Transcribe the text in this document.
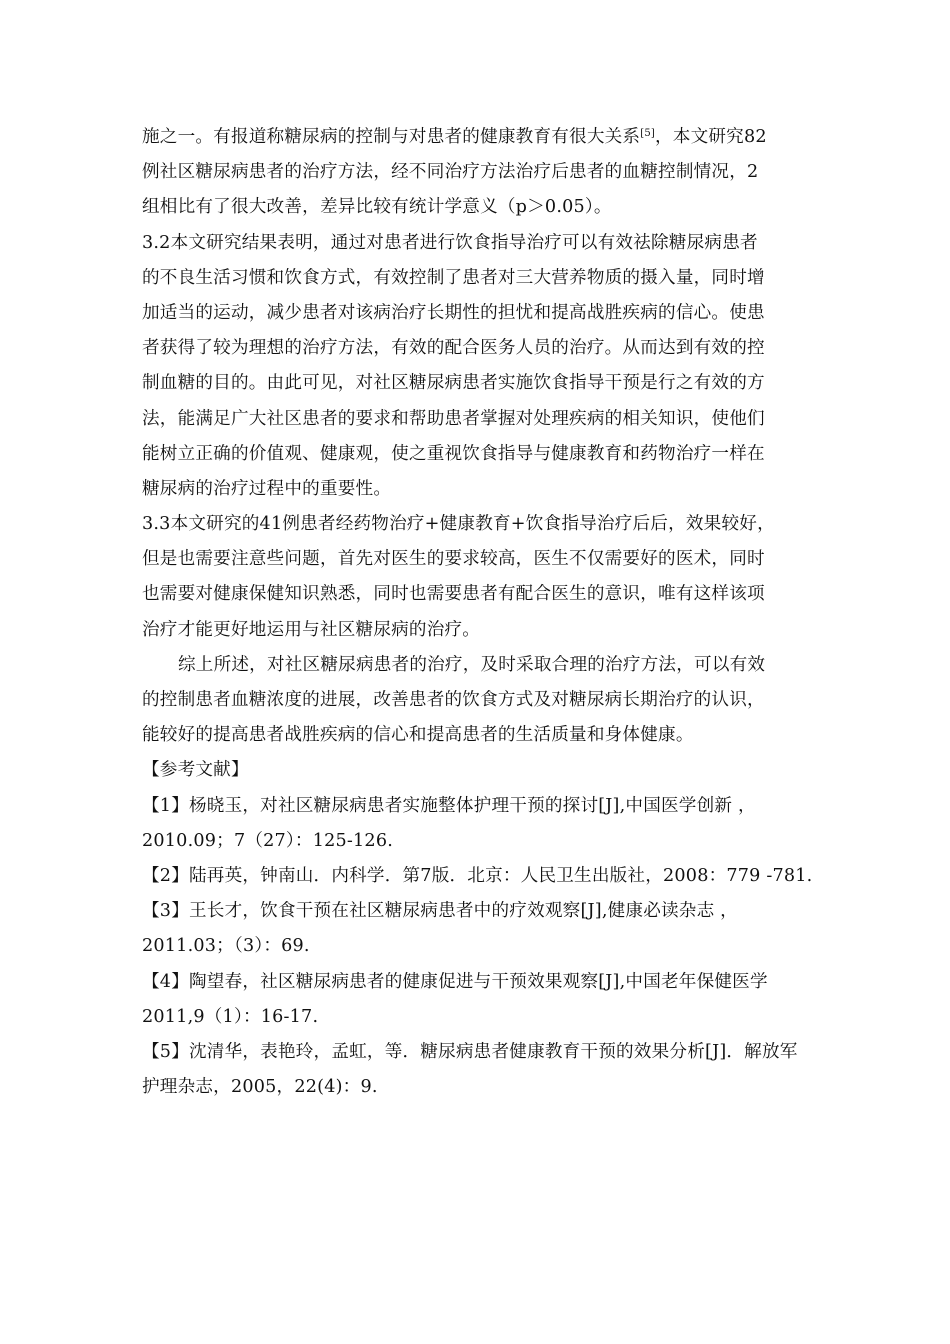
施之一。有报道称糖尿病的控制与对患者的健康教育有很大关系[5]，本文研究82
例社区糖尿病患者的治疗方法，经不同治疗方法治疗后患者的血糖控制情况，2
组相比有了很大改善，差异比较有统计学意义（p＞0.05）。
3.2本文研究结果表明，通过对患者进行饮食指导治疗可以有效祛除糖尿病患者
的不良生活习惯和饮食方式，有效控制了患者对三大营养物质的摄入量，同时增
加适当的运动，减少患者对该病治疗长期性的担忧和提高战胜疾病的信心。使患
者获得了较为理想的治疗方法，有效的配合医务人员的治疗。从而达到有效的控
制血糖的目的。由此可见，对社区糖尿病患者实施饮食指导干预是行之有效的方
法，能满足广大社区患者的要求和帮助患者掌握对处理疾病的相关知识，使他们
能树立正确的价值观、健康观，使之重视饮食指导与健康教育和药物治疗一样在
糖尿病的治疗过程中的重要性。
3.3本文研究的41例患者经药物治疗+健康教育+饮食指导治疗后后，效果较好，
但是也需要注意些问题，首先对医生的要求较高，医生不仅需要好的医术，同时
也需要对健康保健知识熟悉，同时也需要患者有配合医生的意识，唯有这样该项
治疗才能更好地运用与社区糖尿病的治疗。
综上所述，对社区糖尿病患者的治疗，及时采取合理的治疗方法，可以有效
的控制患者血糖浓度的进展，改善患者的饮食方式及对糖尿病长期治疗的认识，
能较好的提高患者战胜疾病的信心和提高患者的生活质量和身体健康。
【参考文献】
【1】杨晓玉，对社区糖尿病患者实施整体护理干预的探讨[J],中国医学创新 ，
2010.09；7（27）：125-126.
【2】陆再英，钟南山．内科学．第7版．北京：人民卫生出版社，2008：779 -781.
【3】王长才，饮食干预在社区糖尿病患者中的疗效观察[J],健康必读杂志 ，
2011.03；（3）：69.
【4】陶望春，社区糖尿病患者的健康促进与干预效果观察[J],中国老年保健医学
2011,9（1）：16-17.
【5】沈清华，表艳玲，孟虹，等．糖尿病患者健康教育干预的效果分析[J]．解放军
护理杂志，2005，22(4)：9.
